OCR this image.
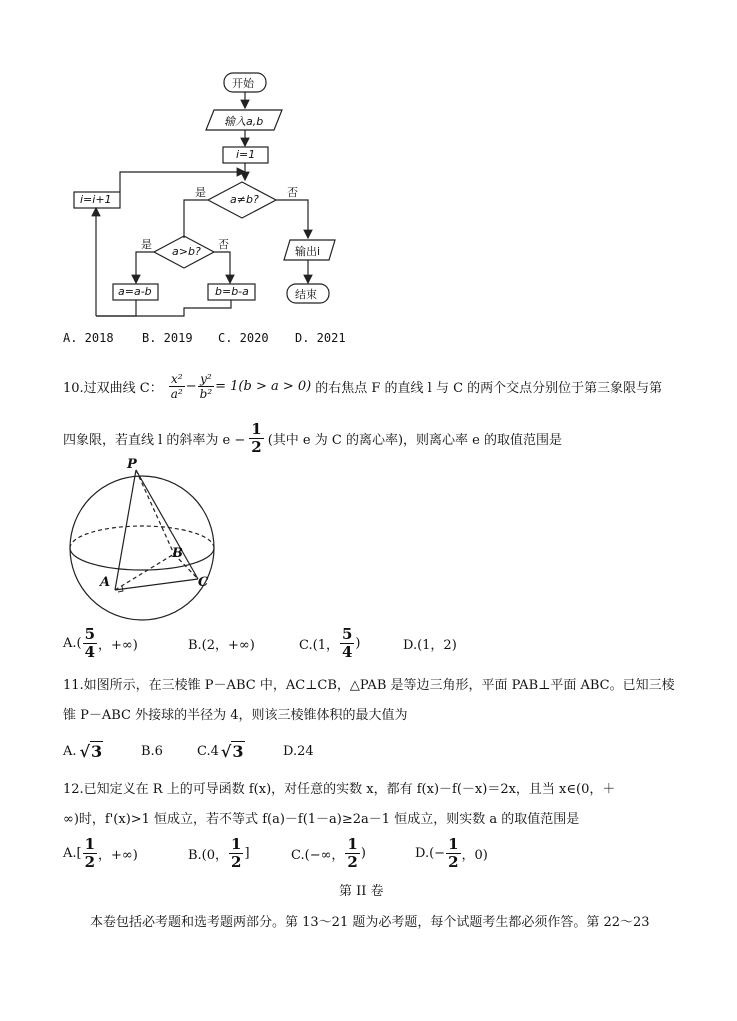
开始
输入a,b
i=1
a≠b?
是	否
a>b?
是	否
a=a-b	b=b-a
i=i+1
输出i
结束
A. 2018 B. 2019 C. 2020 D. 2021
10.过双曲线 C： $\frac{\text{x²}}{\text{a²}} - \frac{\text{y²}}{\text{b²}} = 1(b > a > 0)$ 的右焦点 F 的直线 l 与 C 的两个交点分别位于第三象限与第
四象限，若直线 l 的斜率为 $e - \frac{1}{2}$ (其中 e 为 C 的离心率)，则离心率 e 的取值范围是
P
B
A	C
$A.( \frac{5}{4}$ ，+∞)	B.(2，+∞)	C.(1， $\frac{5}{4}$ )	D.(1，2)
11.如图所示，在三棱锥 P－ABC 中，AC⊥CB，△PAB 是等边三角形，平面 PAB⊥平面 ABC。已知三棱
锥 P－ABC 外接球的半径为 4，则该三棱锥体积的最大值为
A. √3	B.6	C.4 √3	D.24
12.已知定义在 R 上的可导函数 f(x)，对任意的实数 x，都有 f(x)－f(－x)＝2x，且当 x∈(0，＋
∞)时，f'(x)>1 恒成立，若不等式 f(a)－f(1－a)≥2a－1 恒成立，则实数 a 的取值范围是
$A.[ \frac{1}{2}$ ，+∞)	B.(0， $\frac{1}{2}$ ]	C.(−∞， $\frac{1}{2}$ )	$D.(- \frac{1}{2}$ ，0)
第 II 卷
本卷包括必考题和选考题两部分。第 13～21 题为必考题，每个试题考生都必须作答。第 22～23
